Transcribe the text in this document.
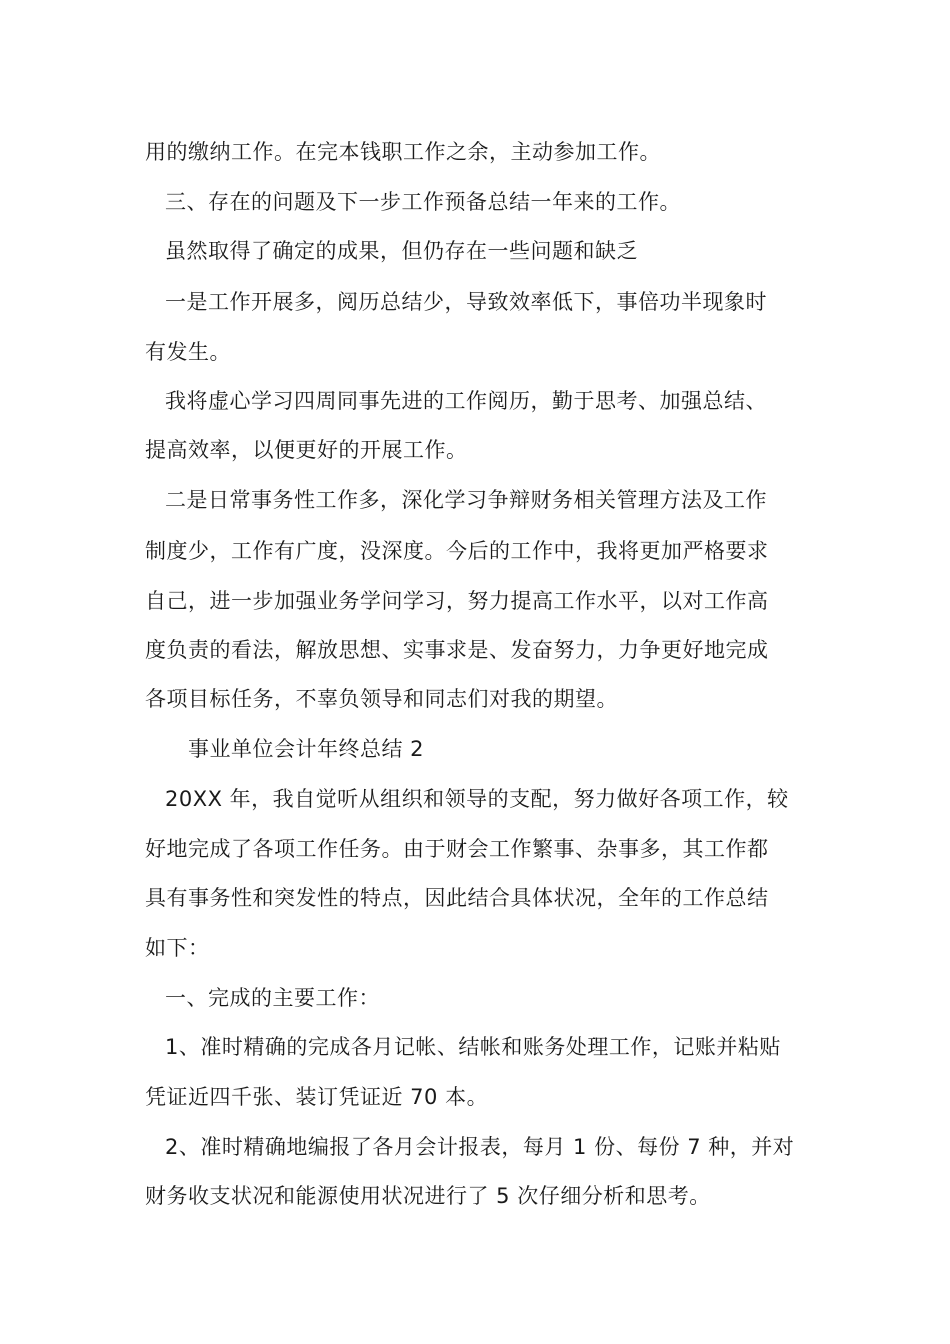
用的缴纳工作。在完本钱职工作之余，主动参加工作。
三、存在的问题及下一步工作预备总结一年来的工作。
虽然取得了确定的成果，但仍存在一些问题和缺乏
一是工作开展多，阅历总结少，导致效率低下，事倍功半现象时
有发生。
我将虚心学习四周同事先进的工作阅历，勤于思考、加强总结、
提高效率，以便更好的开展工作。
二是日常事务性工作多，深化学习争辩财务相关管理方法及工作
制度少，工作有广度，没深度。今后的工作中，我将更加严格要求
自己，进一步加强业务学问学习，努力提高工作水平，以对工作高
度负责的看法，解放思想、实事求是、发奋努力，力争更好地完成
各项目标任务，不辜负领导和同志们对我的期望。
事业单位会计年终总结 2
20XX 年，我自觉听从组织和领导的支配，努力做好各项工作，较
好地完成了各项工作任务。由于财会工作繁事、杂事多，其工作都
具有事务性和突发性的特点，因此结合具体状况，全年的工作总结
如下：
一、完成的主要工作：
1、准时精确的完成各月记帐、结帐和账务处理工作，记账并粘贴
凭证近四千张、装订凭证近 70 本。
2、准时精确地编报了各月会计报表，每月 1 份、每份 7 种，并对
财务收支状况和能源使用状况进行了 5 次仔细分析和思考。
